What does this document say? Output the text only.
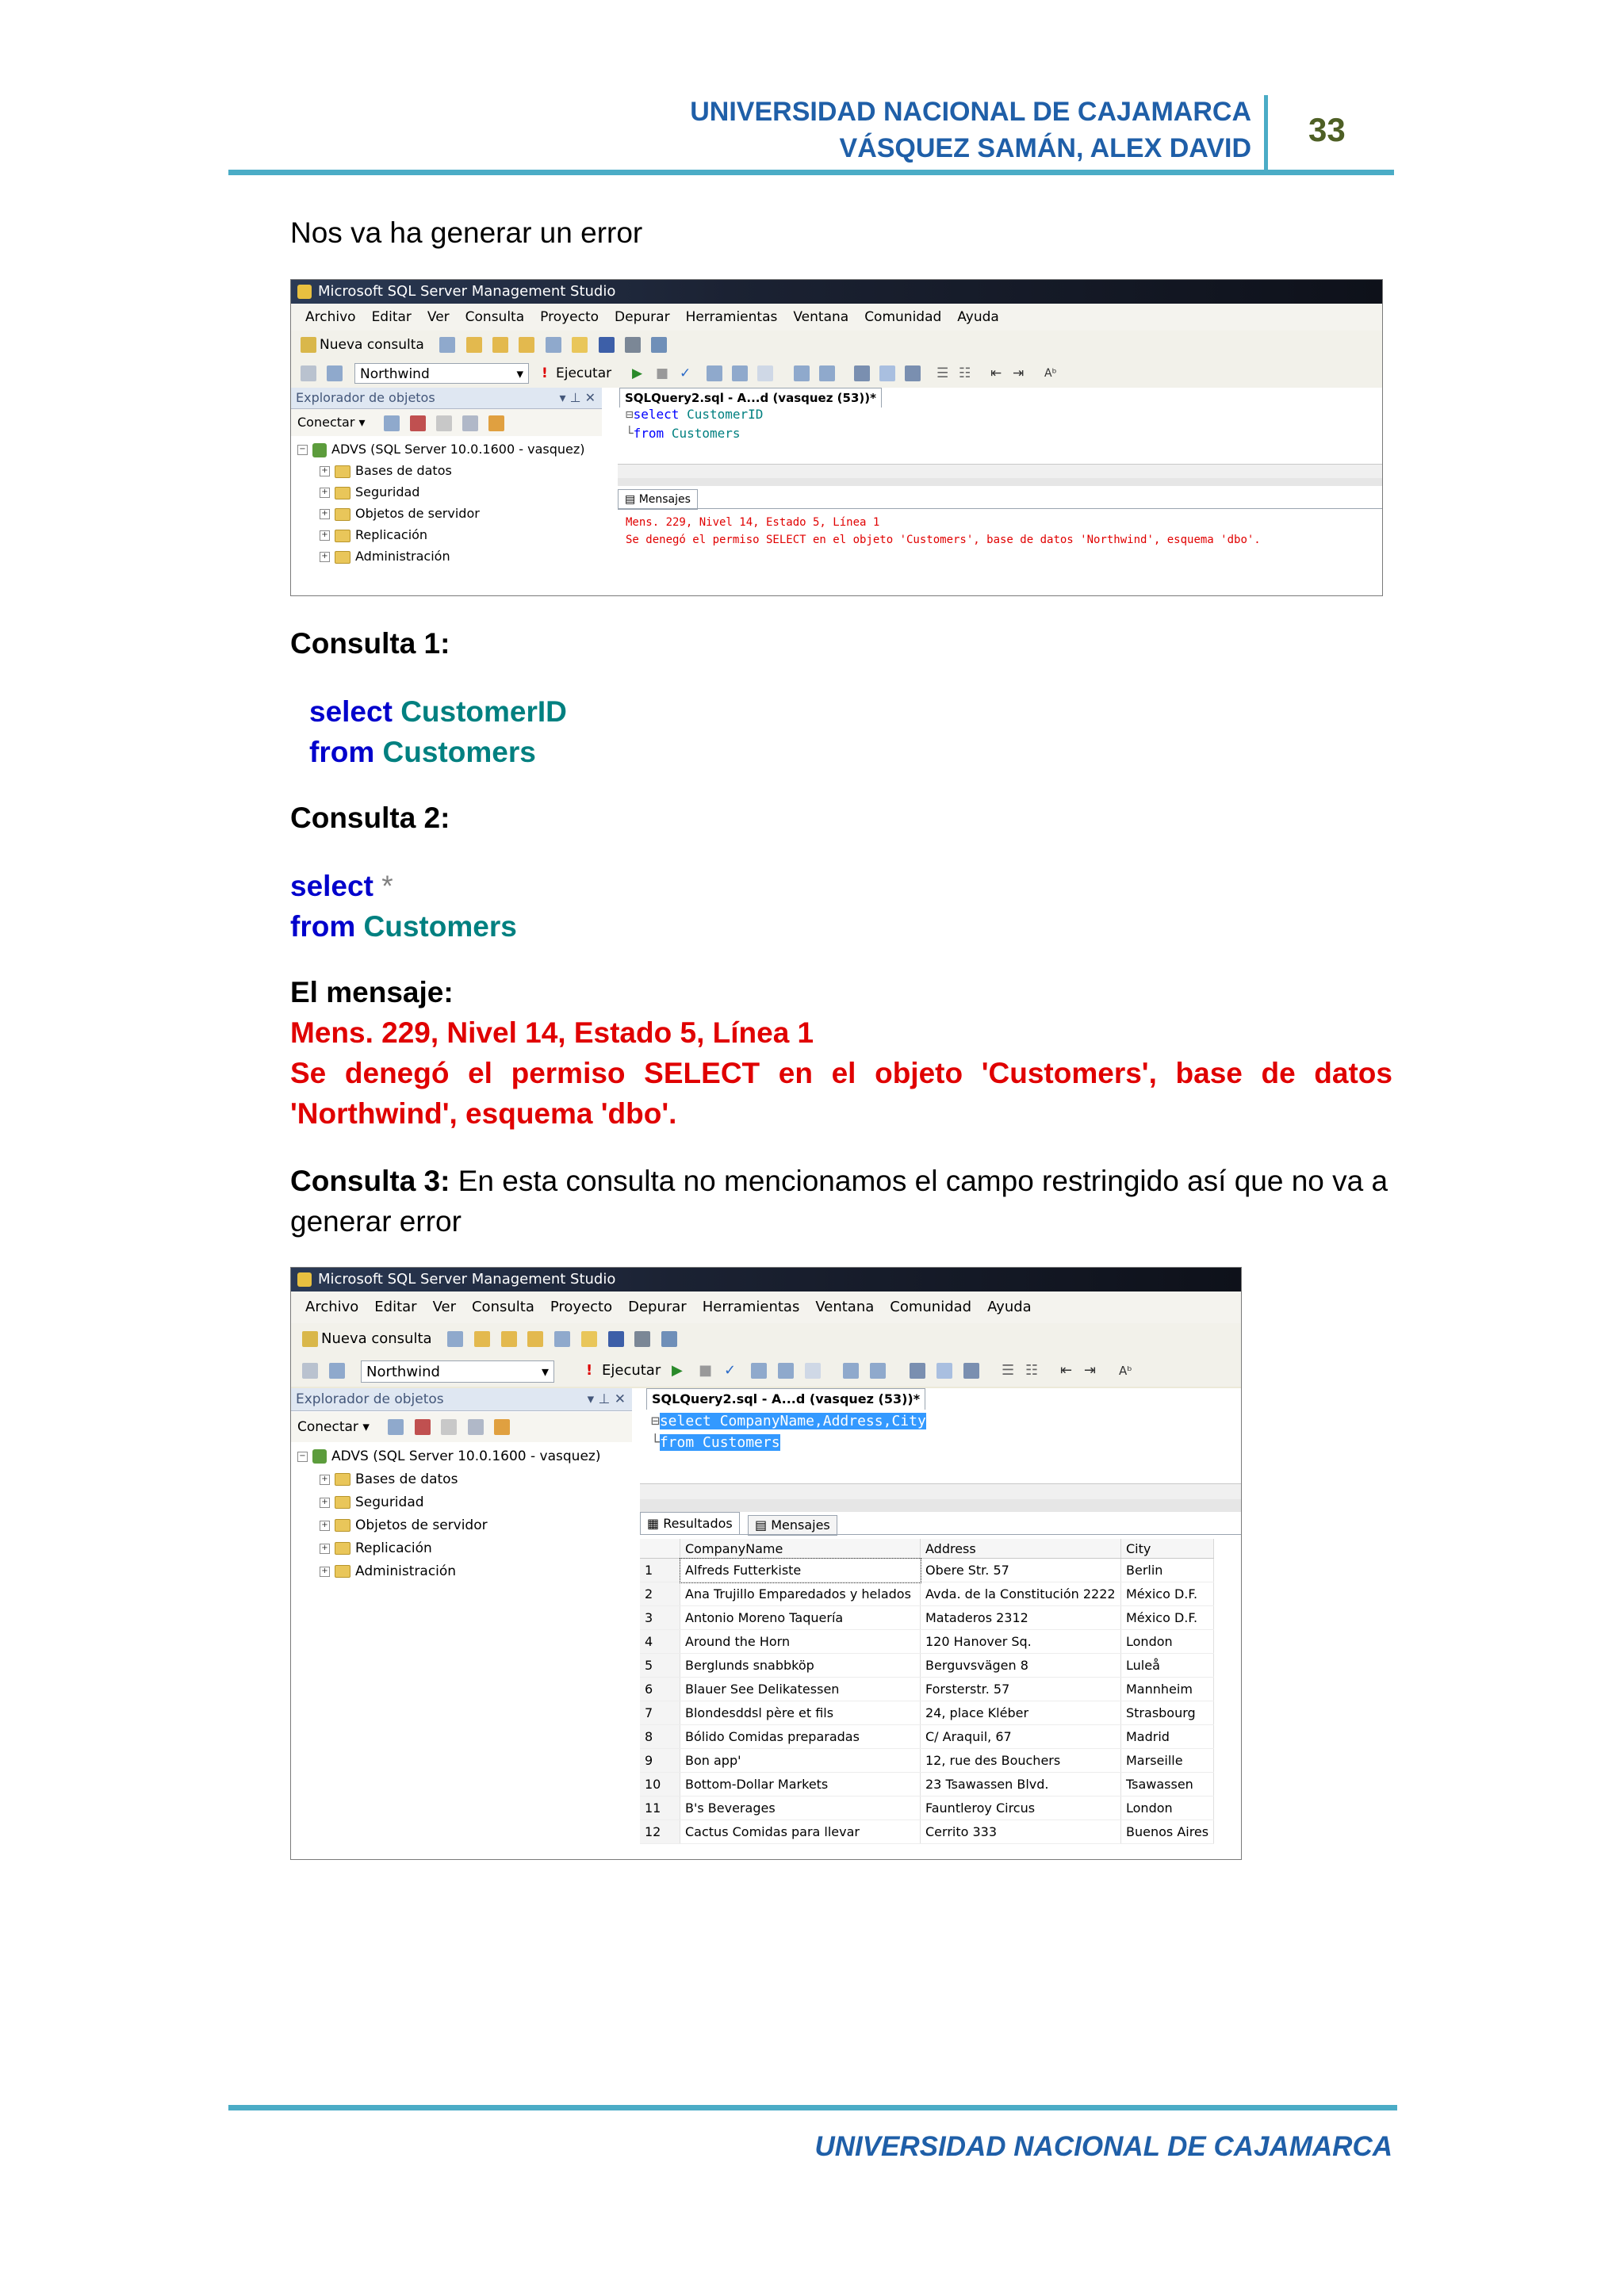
UNIVERSIDAD NACIONAL DE CAJAMARCA
VÁSQUEZ SAMÁN, ALEX DAVID 33
Nos va ha generar un error
Microsoft SQL Server Management Studio
Archivo	Editar	Ver	Consulta	Proyecto	Depurar	Herramientas	Ventana	Comunidad	Ayuda
Nueva consulta

Northwind	▾ ! Ejecutar ▶ ■ ✓	☰ ☷ ⇤ ⇥ Aᵇ
Explorador de objetos	▾ ⊥ ✕
Conectar ▾
− ADVS (SQL Server 10.0.1600 - vasquez)
+ Bases de datos
+ Seguridad
+ Objetos de servidor
+ Replicación
+ Administración
SQLQuery2.sql - A...d (vasquez (53))*
⊟select CustomerID
└from Customers
▤ Mensajes
Mens. 229, Nivel 14, Estado 5, Línea 1
Se denegó el permiso SELECT en el objeto 'Customers', base de datos 'Northwind', esquema 'dbo'.
Consulta 1:
select CustomerID
from Customers
Consulta 2:
select *
from Customers
El mensaje:
Mens. 229, Nivel 14, Estado 5, Línea 1
Se denegó el permiso SELECT en el objeto 'Customers', base de datos
'Northwind', esquema 'dbo'.
Consulta 3: En esta consulta no mencionamos el campo restringido así que no va a
generar error
Microsoft SQL Server Management Studio
Archivo	Editar	Ver	Consulta	Proyecto	Depurar	Herramientas	Ventana	Comunidad	Ayuda
Nueva consulta

Northwind	▾	! Ejecutar ▶ ■ ✓	☰ ☷ ⇤ ⇥ Aᵇ
Explorador de objetos	▾ ⊥ ✕
Conectar ▾
− ADVS (SQL Server 10.0.1600 - vasquez)
+ Bases de datos
+ Seguridad
+ Objetos de servidor
+ Replicación
+ Administración
SQLQuery2.sql - A...d (vasquez (53))*
⊟select CompanyName,Address,City
└from Customers
▦ Resultados	▤ Mensajes
	CompanyName	Address	City
1	Alfreds Futterkiste	Obere Str. 57	Berlin
2	Ana Trujillo Emparedados y helados	Avda. de la Constitución 2222	México D.F.
3	Antonio Moreno Taquería	Mataderos 2312	México D.F.
4	Around the Horn	120 Hanover Sq.	London
5	Berglunds snabbköp	Berguvsvägen 8	Luleå
6	Blauer See Delikatessen	Forsterstr. 57	Mannheim
7	Blondesddsl père et fils	24, place Kléber	Strasbourg
8	Bólido Comidas preparadas	C/ Araquil, 67	Madrid
9	Bon app'	12, rue des Bouchers	Marseille
10	Bottom-Dollar Markets	23 Tsawassen Blvd.	Tsawassen
11	B's Beverages	Fauntleroy Circus	London
12	Cactus Comidas para llevar	Cerrito 333	Buenos Aires
UNIVERSIDAD NACIONAL DE CAJAMARCA
